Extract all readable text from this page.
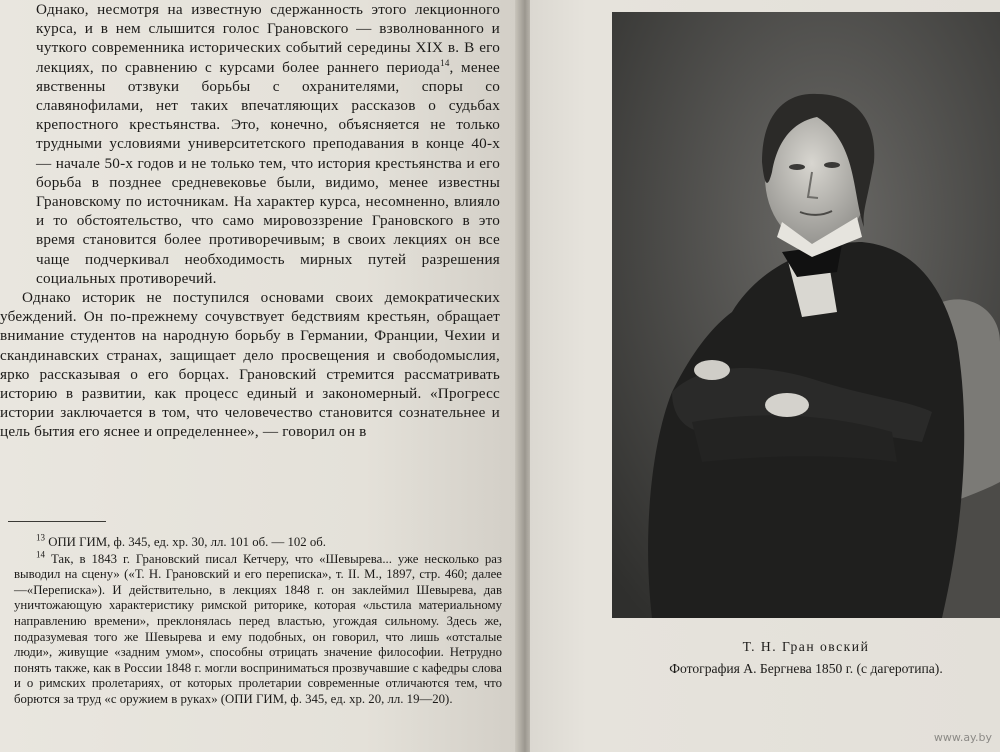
Однако, несмотря на известную сдержанность этого лекционного курса, и в нем слышится голос Грановского — взволнованного и чуткого современника исторических событий середины XIX в. В его лекциях, по сравнению с курсами более раннего периода$^{14}$, менее явственны отзвуки борьбы с охранителями, споры со славянофилами, нет таких впечатляющих рассказов о судьбах крепостного крестьянства. Это, конечно, объясняется не только трудными условиями университетского преподавания в конце 40-х — начале 50-х годов и не только тем, что история крестьянства и его борьба в позднее средневековье были, видимо, менее известны Грановскому по источникам. На характер курса, несомненно, влияло и то обстоятельство, что само мировоззрение Грановского в это время становится более противоречивым; в своих лекциях он все чаще подчеркивал необходимость мирных путей разрешения социальных противоречий.

Однако историк не поступился основами своих демократических убеждений. Он по-прежнему сочувствует бедствиям крестьян, обращает внимание студентов на народную борьбу в Германии, Франции, Чехии и скандинавских странах, защищает дело просвещения и свободомыслия, ярко рассказывая о его борцах. Грановский стремится рассматривать историю в развитии, как процесс единый и закономерный. «Прогресс истории заключается в том, что человечество становится сознательнее и цель бытия его яснее и определеннее», — говорил он в

$^{13}$ ОПИ ГИМ, ф. 345, ед. хр. 30, лл. 101 об. — 102 об.

$^{14}$ Так, в 1843 г. Грановский писал Кетчеру, что «Шевырева... уже несколько раз выводил на сцену» («Т. Н. Грановский и его переписка», т. II. М., 1897, стр. 460; далее—«Переписка»). И действительно, в лекциях 1848 г. он заклеймил Шевырева, дав уничтожающую характеристику римской риторике, которая «льстила материальному направлению времени», преклонялась перед властью, угождая сильному. Здесь же, подразумевая того же Шевырева и ему подобных, он говорил, что лишь «отсталые люди», живущие «задним умом», способны отрицать значение философии. Нетрудно понять также, как в России 1848 г. могли восприниматься прозвучавшие с кафедры слова и о римских пролетариях, от которых пролетарии современные отличаются тем, что борются за труд «с оружием в руках» (ОПИ ГИМ, ф. 345, ед. хр. 20, лл. 19—20).

Т. Н. Гран овский
Фотография А. Бергнева 1850 г. (с дагеротипа).
www.ay.by
